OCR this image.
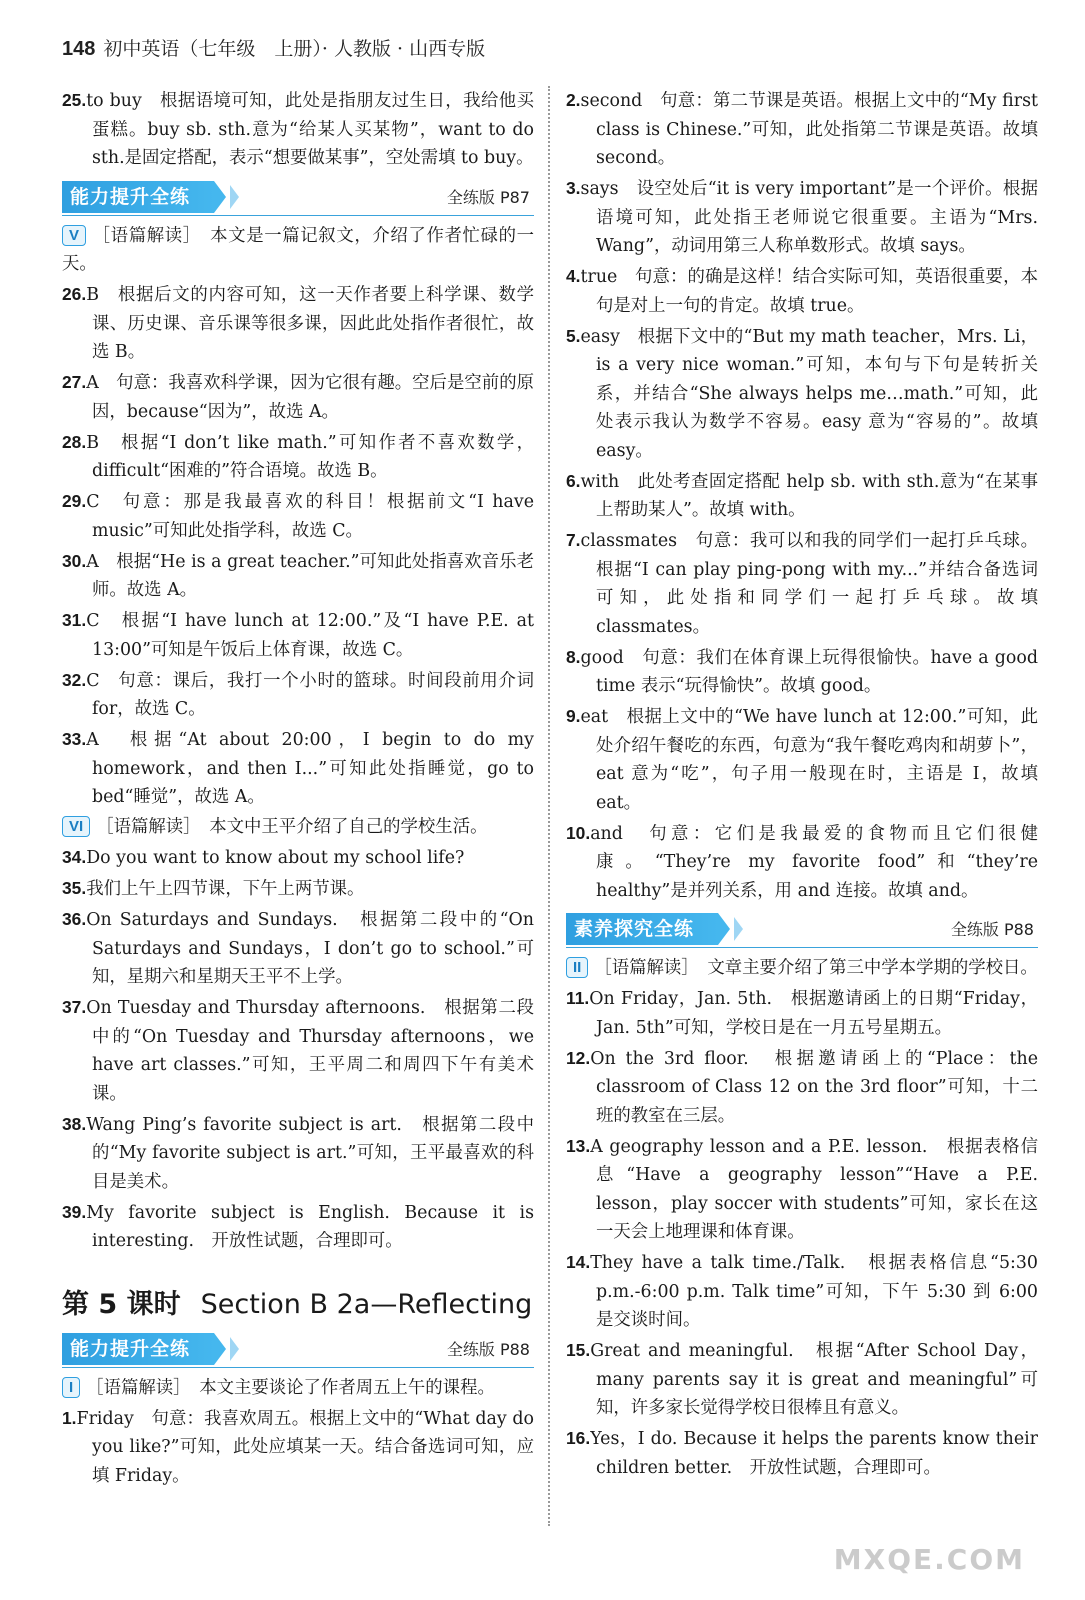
148 初中英语（七年级　上册）· 人教版 · 山西专版

25.to buy　根据语境可知，此处是指朋友过生日，我给他买蛋糕。buy sb. sth.意为“给某人买某物”，want to do sth.是固定搭配，表示“想要做某事”，空处需填 to buy。

能力提升全练	全练版 P87

V ［语篇解读］　本文是一篇记叙文，介绍了作者忙碌的一天。

26.B　根据后文的内容可知，这一天作者要上科学课、数学课、历史课、音乐课等很多课，因此此处指作者很忙，故选 B。

27.A　句意：我喜欢科学课，因为它很有趣。空后是空前的原因，because“因为”，故选 A。

28.B　根据“I don’t like math.”可知作者不喜欢数学，difficult“困难的”符合语境。故选 B。

29.C　句意：那是我最喜欢的科目！根据前文“I have music”可知此处指学科，故选 C。

30.A　根据“He is a great teacher.”可知此处指喜欢音乐老师。故选 A。

31.C　根据“I have lunch at 12:00.”及“I have P.E. at 13:00”可知是午饭后上体育课，故选 C。

32.C　句意：课后，我打一个小时的篮球。时间段前用介词 for，故选 C。

33.A　根据“At about 20:00，I begin to do my homework，and then I...”可知此处指睡觉，go to bed“睡觉”，故选 A。

VI ［语篇解读］　本文中王平介绍了自己的学校生活。

34.Do you want to know about my school life?

35.我们上午上四节课，下午上两节课。

36.On Saturdays and Sundays.　根据第二段中的“On Saturdays and Sundays，I don’t go to school.”可知，星期六和星期天王平不上学。

37.On Tuesday and Thursday afternoons.　根据第二段中的“On Tuesday and Thursday afternoons，we have art classes.”可知，王平周二和周四下午有美术课。

38.Wang Ping’s favorite subject is art.　根据第二段中的“My favorite subject is art.”可知，王平最喜欢的科目是美术。

39.My favorite subject is English. Because it is interesting.　开放性试题，合理即可。

第 5 课时 Section B 2a—Reflecting
能力提升全练	全练版 P88

I ［语篇解读］　本文主要谈论了作者周五上午的课程。

1.Friday　句意：我喜欢周五。根据上文中的“What day do you like?”可知，此处应填某一天。结合备选词可知，应填 Friday。

2.second　句意：第二节课是英语。根据上文中的“My first class is Chinese.”可知，此处指第二节课是英语。故填 second。

3.says　设空处后“it is very important”是一个评价。根据语境可知，此处指王老师说它很重要。主语为“Mrs. Wang”，动词用第三人称单数形式。故填 says。

4.true　句意：的确是这样！结合实际可知，英语很重要，本句是对上一句的肯定。故填 true。

5.easy　根据下文中的“But my math teacher，Mrs. Li，is a very nice woman.”可知，本句与下句是转折关系，并结合“She always helps me…math.”可知，此处表示我认为数学不容易。easy 意为“容易的”。故填 easy。

6.with　此处考查固定搭配 help sb. with sth.意为“在某事上帮助某人”。故填 with。

7.classmates　句意：我可以和我的同学们一起打乒乓球。根据“I can play ping-pong with my...”并结合备选词可知，此处指和同学们一起打乒乓球。故填 classmates。

8.good　句意：我们在体育课上玩得很愉快。have a good time 表示“玩得愉快”。故填 good。

9.eat　根据上文中的“We have lunch at 12:00.”可知，此处介绍午餐吃的东西，句意为“我午餐吃鸡肉和胡萝卜”，eat 意为“吃”，句子用一般现在时，主语是 I，故填 eat。

10.and　句意：它们是我最爱的食物而且它们很健康。“They’re my favorite food”和“they’re healthy”是并列关系，用 and 连接。故填 and。

素养探究全练	全练版 P88

II ［语篇解读］　文章主要介绍了第三中学本学期的学校日。

11.On Friday，Jan. 5th.　根据邀请函上的日期“Friday，Jan. 5th”可知，学校日是在一月五号星期五。

12.On the 3rd floor.　根据邀请函上的“Place：the classroom of Class 12 on the 3rd floor”可知，十二班的教室在三层。

13.A geography lesson and a P.E. lesson.　根据表格信息“Have a geography lesson”“Have a P.E. lesson，play soccer with students”可知，家长在这一天会上地理课和体育课。

14.They have a talk time./Talk.　根据表格信息“5:30 p.m.-6:00 p.m. Talk time”可知，下午 5:30 到 6:00 是交谈时间。

15.Great and meaningful.　根据“After School Day，many parents say it is great and meaningful”可知，许多家长觉得学校日很棒且有意义。

16.Yes，I do. Because it helps the parents know their children better.　开放性试题，合理即可。

MXQE.COM
